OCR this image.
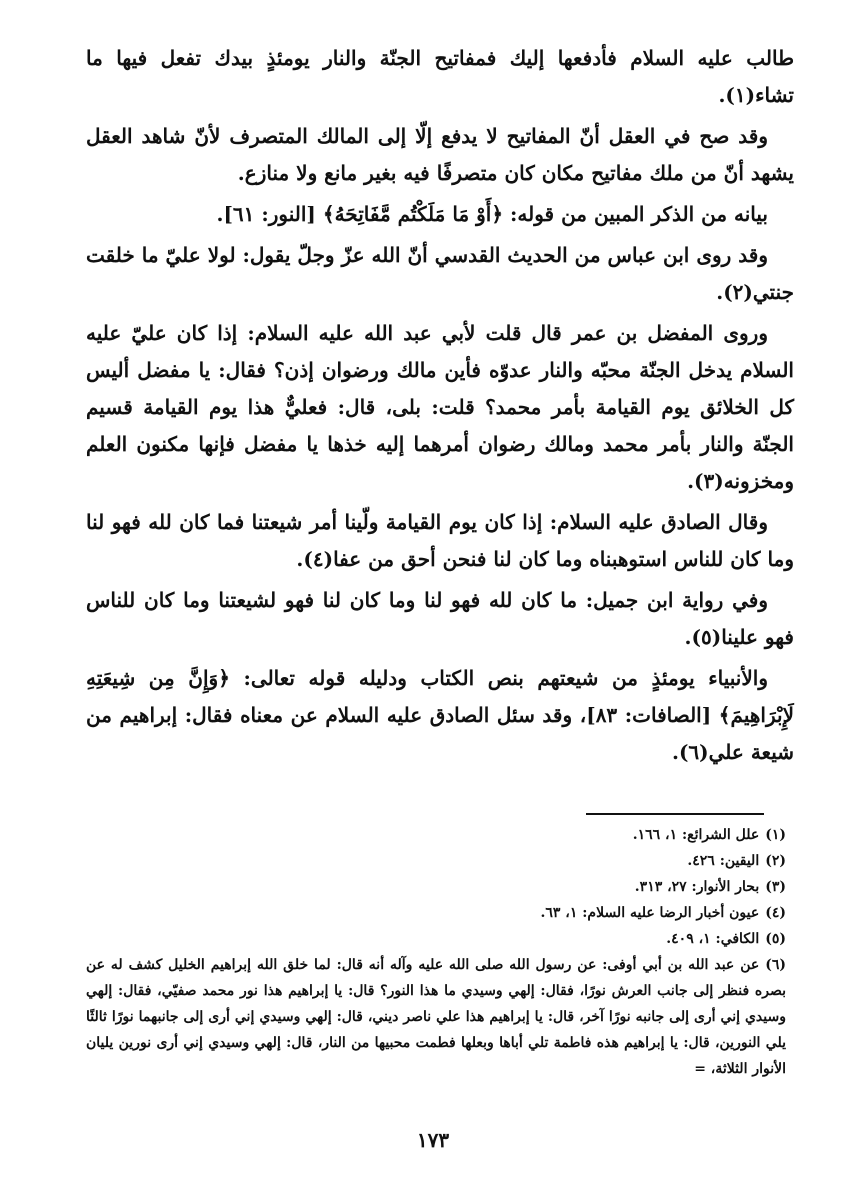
طالب عليه السلام فأدفعها إليك فمفاتيح الجنّة والنار يومئذٍ بيدك تفعل فيها ما تشاء(١).

وقد صح في العقل أنّ المفاتيح لا يدفع إلّا إلى المالك المتصرف لأنّ شاهد العقل يشهد أنّ من ملك مفاتيح مكان كان متصرفًا فيه بغير مانع ولا منازع.

بيانه من الذكر المبين من قوله: ﴿أَوْ مَا مَلَكْتُم مَّفَاتِحَهُ﴾ [النور: ٦١].

وقد روى ابن عباس من الحديث القدسي أنّ الله عزّ وجلّ يقول: لولا عليّ ما خلقت جنتي(٢).

وروى المفضل بن عمر قال قلت لأبي عبد الله عليه السلام: إذا كان عليّ عليه السلام يدخل الجنّة محبّه والنار عدوّه فأين مالك ورضوان إذن؟ فقال: يا مفضل أليس كل الخلائق يوم القيامة بأمر محمد؟ قلت: بلى، قال: فعليٌّ هذا يوم القيامة قسيم الجنّة والنار بأمر محمد ومالك رضوان أمرهما إليه خذها يا مفضل فإنها مكنون العلم ومخزونه(٣).

وقال الصادق عليه السلام: إذا كان يوم القيامة ولّينا أمر شيعتنا فما كان لله فهو لنا وما كان للناس استوهبناه وما كان لنا فنحن أحق من عفا(٤).

وفي رواية ابن جميل: ما كان لله فهو لنا وما كان لنا فهو لشيعتنا وما كان للناس فهو علينا(٥).

والأنبياء يومئذٍ من شيعتهم بنص الكتاب ودليله قوله تعالى: ﴿وَإِنَّ مِن شِيعَتِهِ لَإِبْرَاهِيمَ﴾ [الصافات: ٨٣]، وقد سئل الصادق عليه السلام عن معناه فقال: إبراهيم من شيعة علي(٦).

(١)علل الشرائع: ١، ١٦٦.

(٢)اليقين: ٤٢٦.

(٣)بحار الأنوار: ٢٧، ٣١٣.

(٤)عيون أخبار الرضا عليه السلام: ١، ٦٣.

(٥)الكافي: ١، ٤٠٩.

(٦)عن عبد الله بن أبي أوفى: عن رسول الله صلى الله عليه وآله أنه قال: لما خلق الله إبراهيم الخليل كشف له عن بصره فنظر إلى جانب العرش نورًا، فقال: إلهي وسيدي ما هذا النور؟ قال: يا إبراهيم هذا نور محمد صفيّي، فقال: إلهي وسيدي إني أرى إلى جانبه نورًا آخر، قال: يا إبراهيم هذا علي ناصر ديني، قال: إلهي وسيدي إني أرى إلى جانبهما نورًا ثالثًا يلي النورين، قال: يا إبراهيم هذه فاطمة تلي أباها وبعلها فطمت محبيها من النار، قال: إلهي وسيدي إني أرى نورين يليان الأنوار الثلاثة، =

١٧٣
